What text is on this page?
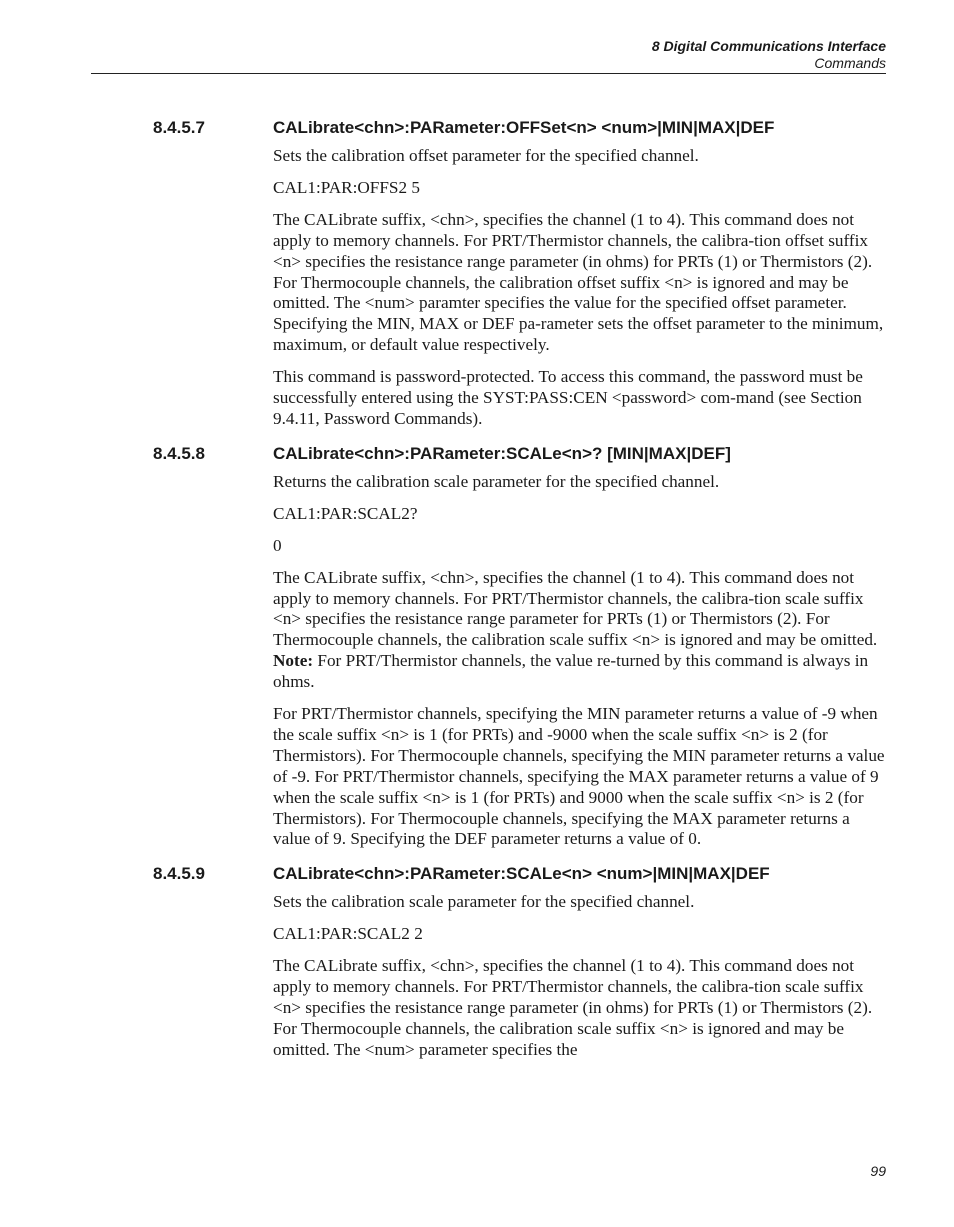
8 Digital Communications Interface
Commands
8.4.5.7	CALibrate<chn>:PARameter:OFFSet<n> <num>|MIN|MAX|DEF

Sets the calibration offset parameter for the specified channel.

CAL1:PAR:OFFS2 5

The CALibrate suffix, <chn>, specifies the channel (1 to 4). This command does not apply to memory channels. For PRT/Thermistor channels, the calibra-tion offset suffix <n> specifies the resistance range parameter (in ohms) for PRTs (1) or Thermistors (2). For Thermocouple channels, the calibration offset suffix <n> is ignored and may be omitted. The <num> paramter specifies the value for the specified offset parameter. Specifying the MIN, MAX or DEF pa-rameter sets the offset parameter to the minimum, maximum, or default value respectively.

This command is password-protected. To access this command, the password must be successfully entered using the SYST:PASS:CEN <password> com-mand (see Section 9.4.11, Password Commands).

8.4.5.8	CALibrate<chn>:PARameter:SCALe<n>? [MIN|MAX|DEF]

Returns the calibration scale parameter for the specified channel.

CAL1:PAR:SCAL2?

0

The CALibrate suffix, <chn>, specifies the channel (1 to 4). This command does not apply to memory channels. For PRT/Thermistor channels, the calibra-tion scale suffix <n> specifies the resistance range parameter for PRTs (1) or Thermistors (2). For Thermocouple channels, the calibration scale suffix <n> is ignored and may be omitted. Note: For PRT/Thermistor channels, the value re-turned by this command is always in ohms.

For PRT/Thermistor channels, specifying the MIN parameter returns a value of -9 when the scale suffix <n> is 1 (for PRTs) and -9000 when the scale suffix <n> is 2 (for Thermistors). For Thermocouple channels, specifying the MIN parameter returns a value of -9. For PRT/Thermistor channels, specifying the MAX parameter returns a value of 9 when the scale suffix <n> is 1 (for PRTs) and 9000 when the scale suffix <n> is 2 (for Thermistors). For Thermocouple channels, specifying the MAX parameter returns a value of 9. Specifying the DEF parameter returns a value of 0.

8.4.5.9	CALibrate<chn>:PARameter:SCALe<n> <num>|MIN|MAX|DEF

Sets the calibration scale parameter for the specified channel.

CAL1:PAR:SCAL2 2

The CALibrate suffix, <chn>, specifies the channel (1 to 4). This command does not apply to memory channels. For PRT/Thermistor channels, the calibra-tion scale suffix <n> specifies the resistance range parameter (in ohms) for PRTs (1) or Thermistors (2). For Thermocouple channels, the calibration scale suffix <n> is ignored and may be omitted. The <num> parameter specifies the

99
